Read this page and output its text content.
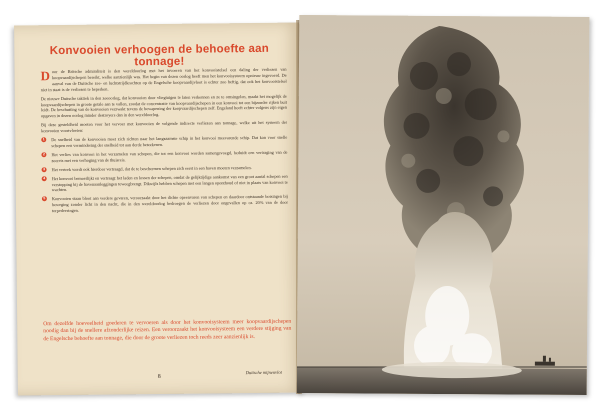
Konvooien verhoogen de behoefte aan tonnage!

D oor de Britsche admiraliteit is den wereldoorlog met het invoeren van het konvooistelsel een daling der verliezen van koopvaardijschepen bereikt, welke aanzienlijk was. Het begin van dezen oorlog heeft men het konvooisysteem opnieuw ingevoerd. De aanval van de Duitsche zee- en luchtstrijdkrachten op de Engelsche koopvaardijvloot is echter zoo heftig, dat ook het konvooistelsel niet in staat is de verliezen te beperken.

De nieuwe Duitsche taktiek in den zeeoorlog, dat konvooien door vliegtuigen te laten verkennen en ze te omsingelen, maakt het mogelijk de koopvaardijschepen in groote getale aan te vallen, zoodat de concentratie van koopvaardijschepen in een konvooi tot een bijzonder rijken buit leidt. De beschutting van de konvooien verzwakt tevens de bewapening der koopvaardijschepen zelf. Engeland heeft echter volgens zijn eigen opgaven in dezen oorlog minder destroyers dan in den wereldoorlog.

Bij deze gesteldheid moeten voor het vervoer met konvooien de volgende indirecte verliezen aan tonnage, welke uit het systeem der konvooien voortvloeien:

1	De snelheid van de konvooien moet zich richten naar het langzaamste schip in het konvooi meevarende schip. Dat kan voor snelle schepen een vermindering der snelheid tot aan derde beteekenen.
2	Het verlies van konvooi in het verzamelen van schepen, die tot een konvooi worden samengevoegd, beduidt een vertraging van de zeereis met een verhoging van de thuisreis.
3	Het vertrek wordt ook hierdoor vertraagd, dat de te beschermen schepen zich eerst in een haven moeten verzamelen.
4	Het konvooi bemoeilijkt en vertraagt het laden en lossen der schepen, omdat de gelijktijdige aankomst van een groot aantal schepen een verstopping bij de havenaanleggingen teweegbrengt. Dikwijls hebben schepen met een langen oponthoud of niet in plaats van konvooi te wachten.
5	Konvooien staan bloot aan verdere gevaren, veroorzaakt door het dichte opeenvaren van schepen en daardoor ontstaande botsingen bij beweging zonder licht in den nacht, die in den wereldoorlog bedroegen de verliezen door ongevallen op ca. 20% van de door torpedeeringen.
Om dezelfde hoeveelheid goederen te vervoeren als door het konvooisysteem meer koopvaardijschepen noodig dan bij de snellere afzonderlijke reizen. Een veroorzaakt het konvooisysteem een verdere stijging van de Engelsche behoefte aan tonnage, die door de groote verliezen toch reeds zeer aanzienlijk is.
8
Duitsche mijnenvlot
